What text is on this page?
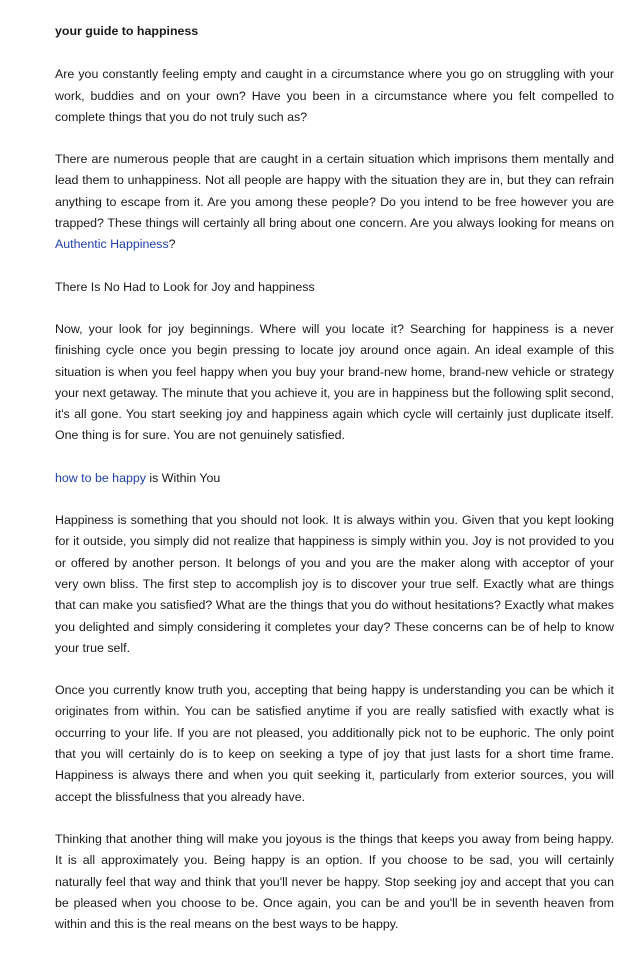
your guide to happiness

Are you constantly feeling empty and caught in a circumstance where you go on struggling with your work, buddies and on your own? Have you been in a circumstance where you felt compelled to complete things that you do not truly such as?

There are numerous people that are caught in a certain situation which imprisons them mentally and lead them to unhappiness. Not all people are happy with the situation they are in, but they can refrain anything to escape from it. Are you among these people? Do you intend to be free however you are trapped? These things will certainly all bring about one concern. Are you always looking for means on Authentic Happiness?

There Is No Had to Look for Joy and happiness

Now, your look for joy beginnings. Where will you locate it? Searching for happiness is a never finishing cycle once you begin pressing to locate joy around once again. An ideal example of this situation is when you feel happy when you buy your brand-new home, brand-new vehicle or strategy your next getaway. The minute that you achieve it, you are in happiness but the following split second, it's all gone. You start seeking joy and happiness again which cycle will certainly just duplicate itself. One thing is for sure. You are not genuinely satisfied.

how to be happy is Within You

Happiness is something that you should not look. It is always within you. Given that you kept looking for it outside, you simply did not realize that happiness is simply within you. Joy is not provided to you or offered by another person. It belongs of you and you are the maker along with acceptor of your very own bliss. The first step to accomplish joy is to discover your true self. Exactly what are things that can make you satisfied? What are the things that you do without hesitations? Exactly what makes you delighted and simply considering it completes your day? These concerns can be of help to know your true self.

Once you currently know truth you, accepting that being happy is understanding you can be which it originates from within. You can be satisfied anytime if you are really satisfied with exactly what is occurring to your life. If you are not pleased, you additionally pick not to be euphoric. The only point that you will certainly do is to keep on seeking a type of joy that just lasts for a short time frame. Happiness is always there and when you quit seeking it, particularly from exterior sources, you will accept the blissfulness that you already have.

Thinking that another thing will make you joyous is the things that keeps you away from being happy. It is all approximately you. Being happy is an option. If you choose to be sad, you will certainly naturally feel that way and think that you'll never be happy. Stop seeking joy and accept that you can be pleased when you choose to be. Once again, you can be and you'll be in seventh heaven from within and this is the real means on the best ways to be happy.
